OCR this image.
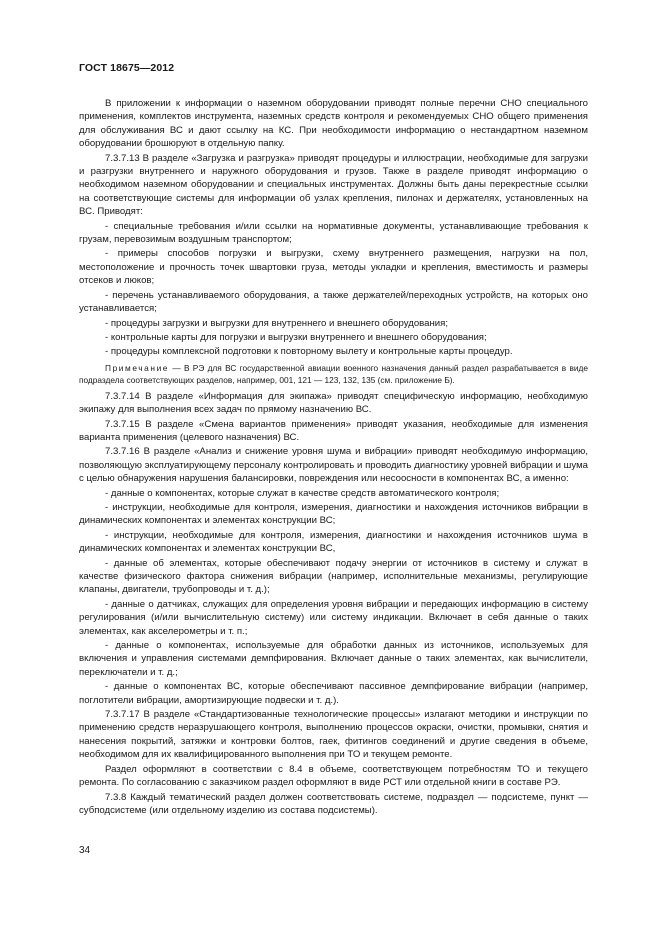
ГОСТ 18675—2012

В приложении к информации о наземном оборудовании приводят полные перечни СНО специального применения, комплектов инструмента, наземных средств контроля и рекомендуемых СНО общего применения для обслуживания ВС и дают ссылку на КС. При необходимости информацию о нестандартном наземном оборудовании брошюруют в отдельную папку.

7.3.7.13 В разделе «Загрузка и разгрузка» приводят процедуры и иллюстрации, необходимые для загрузки и разгрузки внутреннего и наружного оборудования и грузов. Также в разделе приводят информацию о необходимом наземном оборудовании и специальных инструментах. Должны быть даны перекрестные ссылки на соответствующие системы для информации об узлах крепления, пилонах и держателях, установленных на ВС. Приводят:

- специальные требования и/или ссылки на нормативные документы, устанавливающие требования к грузам, перевозимым воздушным транспортом;

- примеры способов погрузки и выгрузки, схему внутреннего размещения, нагрузки на пол, местоположение и прочность точек швартовки груза, методы укладки и крепления, вместимость и размеры отсеков и люков;

- перечень устанавливаемого оборудования, а также держателей/переходных устройств, на которых оно устанавливается;

- процедуры загрузки и выгрузки для внутреннего и внешнего оборудования;

- контрольные карты для погрузки и выгрузки внутреннего и внешнего оборудования;

- процедуры комплексной подготовки к повторному вылету и контрольные карты процедур.

Примечание — В РЭ для ВС государственной авиации военного назначения данный раздел разрабатывается в виде подраздела соответствующих разделов, например, 001, 121 — 123, 132, 135 (см. приложение Б).

7.3.7.14 В разделе «Информация для экипажа» приводят специфическую информацию, необходимую экипажу для выполнения всех задач по прямому назначению ВС.

7.3.7.15 В разделе «Смена вариантов применения» приводят указания, необходимые для изменения варианта применения (целевого назначения) ВС.

7.3.7.16 В разделе «Анализ и снижение уровня шума и вибрации» приводят необходимую информацию, позволяющую эксплуатирующему персоналу контролировать и проводить диагностику уровней вибрации и шума с целью обнаружения нарушения балансировки, повреждения или несоосности в компонентах ВС, а именно:

- данные о компонентах, которые служат в качестве средств автоматического контроля;

- инструкции, необходимые для контроля, измерения, диагностики и нахождения источников вибрации в динамических компонентах и элементах конструкции ВС;

- инструкции, необходимые для контроля, измерения, диагностики и нахождения источников шума в динамических компонентах и элементах конструкции ВС,

- данные об элементах, которые обеспечивают подачу энергии от источников в систему и служат в качестве физического фактора снижения вибрации (например, исполнительные механизмы, регулирующие клапаны, двигатели, трубопроводы и т. д.);

- данные о датчиках, служащих для определения уровня вибрации и передающих информацию в систему регулирования (и/или вычислительную систему) или систему индикации. Включает в себя данные о таких элементах, как акселерометры и т. п.;

- данные о компонентах, используемые для обработки данных из источников, используемых для включения и управления системами демпфирования. Включает данные о таких элементах, как вычислители, переключатели и т. д.;

- данные о компонентах ВС, которые обеспечивают пассивное демпфирование вибрации (например, поглотители вибрации, амортизирующие подвески и т. д.).

7.3.7.17 В разделе «Стандартизованные технологические процессы» излагают методики и инструкции по применению средств неразрушающего контроля, выполнению процессов окраски, очистки, промывки, снятия и нанесения покрытий, затяжки и контровки болтов, гаек, фитингов соединений и другие сведения в объеме, необходимом для их квалифицированного выполнения при ТО и текущем ремонте.

Раздел оформляют в соответствии с 8.4 в объеме, соответствующем потребностям ТО и текущего ремонта. По согласованию с заказчиком раздел оформляют в виде РСТ или отдельной книги в составе РЭ.

7.3.8 Каждый тематический раздел должен соответствовать системе, подраздел — подсистеме, пункт — субподсистеме (или отдельному изделию из состава подсистемы).

34
